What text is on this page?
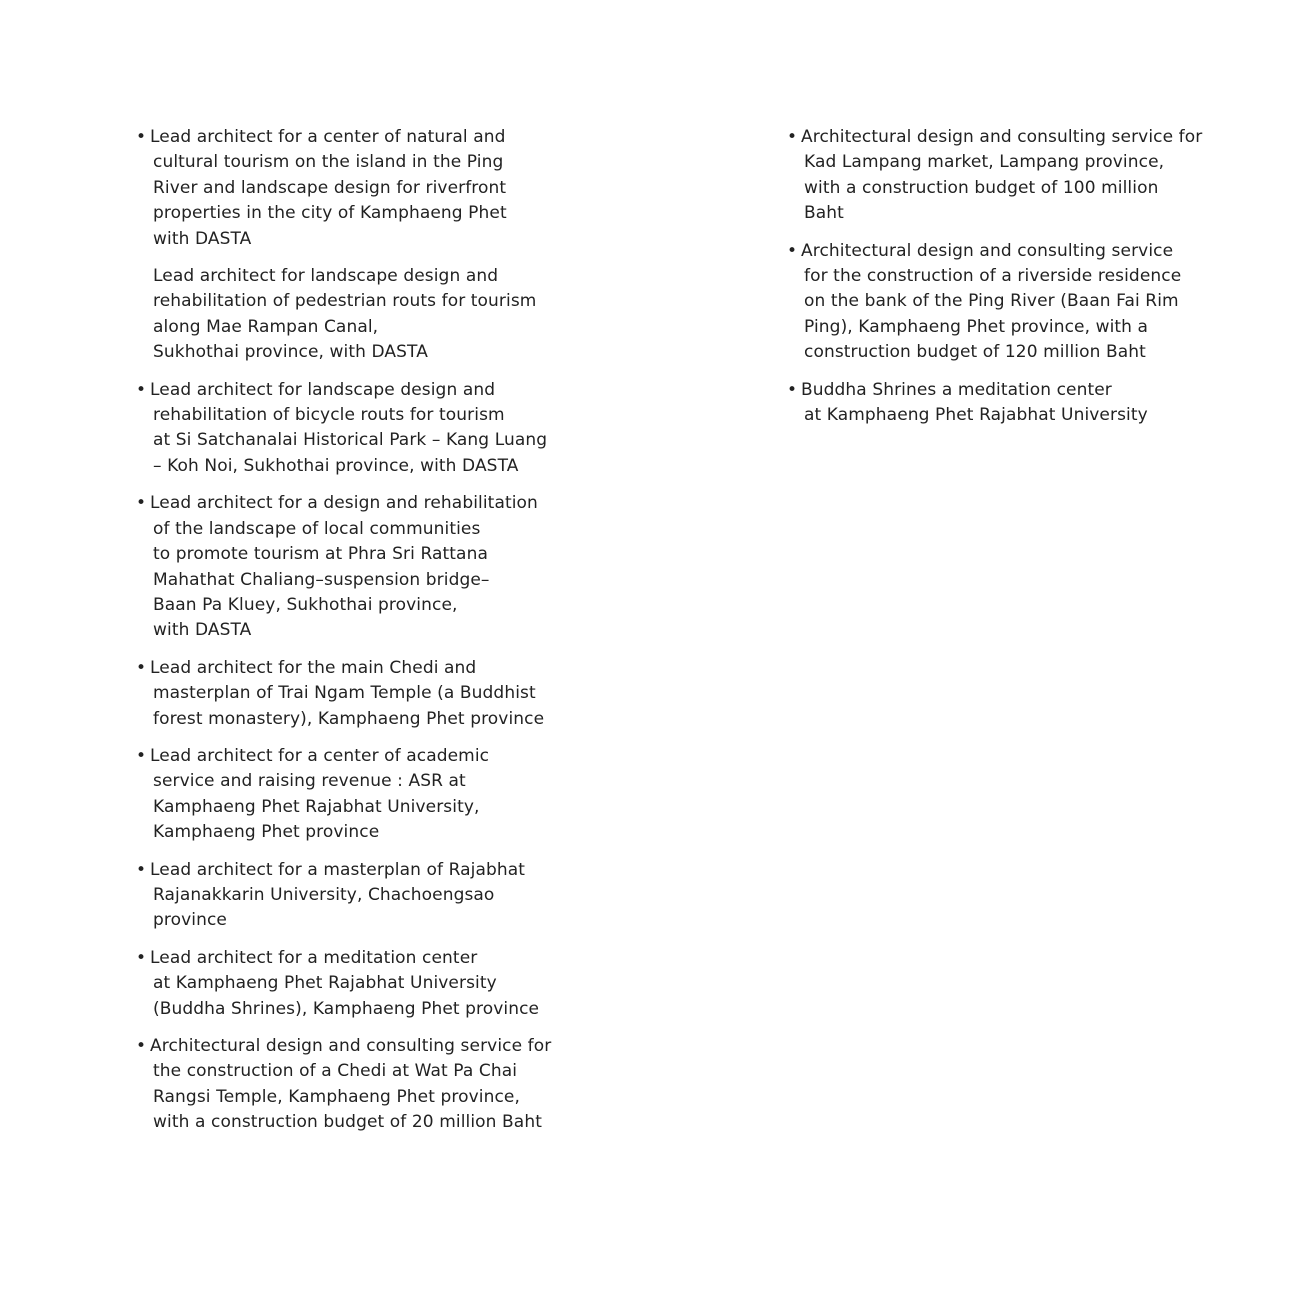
• Lead architect for a center of natural and
cultural tourism on the island in the Ping
River and landscape design for riverfront
properties in the city of Kamphaeng Phet
with DASTA
Lead architect for landscape design and
rehabilitation of pedestrian routs for tourism
along Mae Rampan Canal,
Sukhothai province, with DASTA
• Lead architect for landscape design and
rehabilitation of bicycle routs for tourism
at Si Satchanalai Historical Park – Kang Luang
– Koh Noi, Sukhothai province, with DASTA
• Lead architect for a design and rehabilitation
of the landscape of local communities
to promote tourism at Phra Sri Rattana
Mahathat Chaliang–suspension bridge–
Baan Pa Kluey, Sukhothai province,
with DASTA
• Lead architect for the main Chedi and
masterplan of Trai Ngam Temple (a Buddhist
forest monastery), Kamphaeng Phet province
• Lead architect for a center of academic
service and raising revenue : ASR at
Kamphaeng Phet Rajabhat University,
Kamphaeng Phet province
• Lead architect for a masterplan of Rajabhat
Rajanakkarin University, Chachoengsao
province
• Lead architect for a meditation center
at Kamphaeng Phet Rajabhat University
(Buddha Shrines), Kamphaeng Phet province
• Architectural design and consulting service for
the construction of a Chedi at Wat Pa Chai
Rangsi Temple, Kamphaeng Phet province,
with a construction budget of 20 million Baht
• Architectural design and consulting service for
Kad Lampang market, Lampang province,
with a construction budget of 100 million
Baht
• Architectural design and consulting service
for the construction of a riverside residence
on the bank of the Ping River (Baan Fai Rim
Ping), Kamphaeng Phet province, with a
construction budget of 120 million Baht
• Buddha Shrines a meditation center
at Kamphaeng Phet Rajabhat University
